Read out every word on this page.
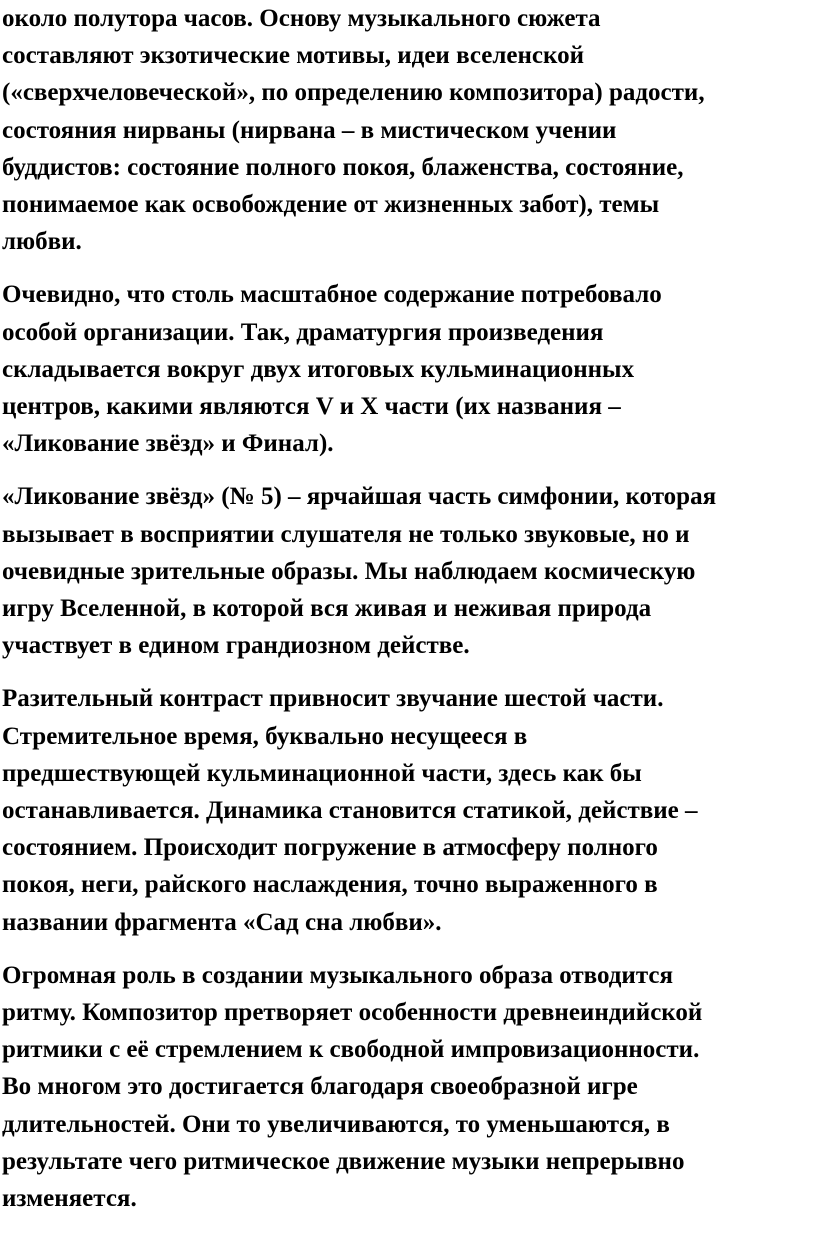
около полутора часов. Основу музыкального сюжета
составляют экзотические мотивы, идеи вселенской
(«сверхчеловеческой», по определению композитора) радости,
состояния нирваны (нирвана – в мистическом учении
буддистов: состояние полного покоя, блаженства, состояние,
понимаемое как освобождение от жизненных забот), темы
любви.

Очевидно, что столь масштабное содержание потребовало
особой организации. Так, драматургия произведения
складывается вокруг двух итоговых кульминационных
центров, какими являются V и X части (их названия –
«Ликование звёзд» и Финал).

«Ликование звёзд» (№ 5) – ярчайшая часть симфонии, которая
вызывает в восприятии слушателя не только звуковые, но и
очевидные зрительные образы. Мы наблюдаем космическую
игру Вселенной, в которой вся живая и неживая природа
участвует в едином грандиозном действе.

Разительный контраст привносит звучание шестой части.
Стремительное время, буквально несущееся в
предшествующей кульминационной части, здесь как бы
останавливается. Динамика становится статикой, действие –
состоянием. Происходит погружение в атмосферу полного
покоя, неги, райского наслаждения, точно выраженного в
названии фрагмента «Сад сна любви».

Огромная роль в создании музыкального образа отводится
ритму. Композитор претворяет особенности древнеиндийской
ритмики с её стремлением к свободной импровизационности.
Во многом это достигается благодаря своеобразной игре
длительностей. Они то увеличиваются, то уменьшаются, в
результате чего ритмическое движение музыки непрерывно
изменяется.
